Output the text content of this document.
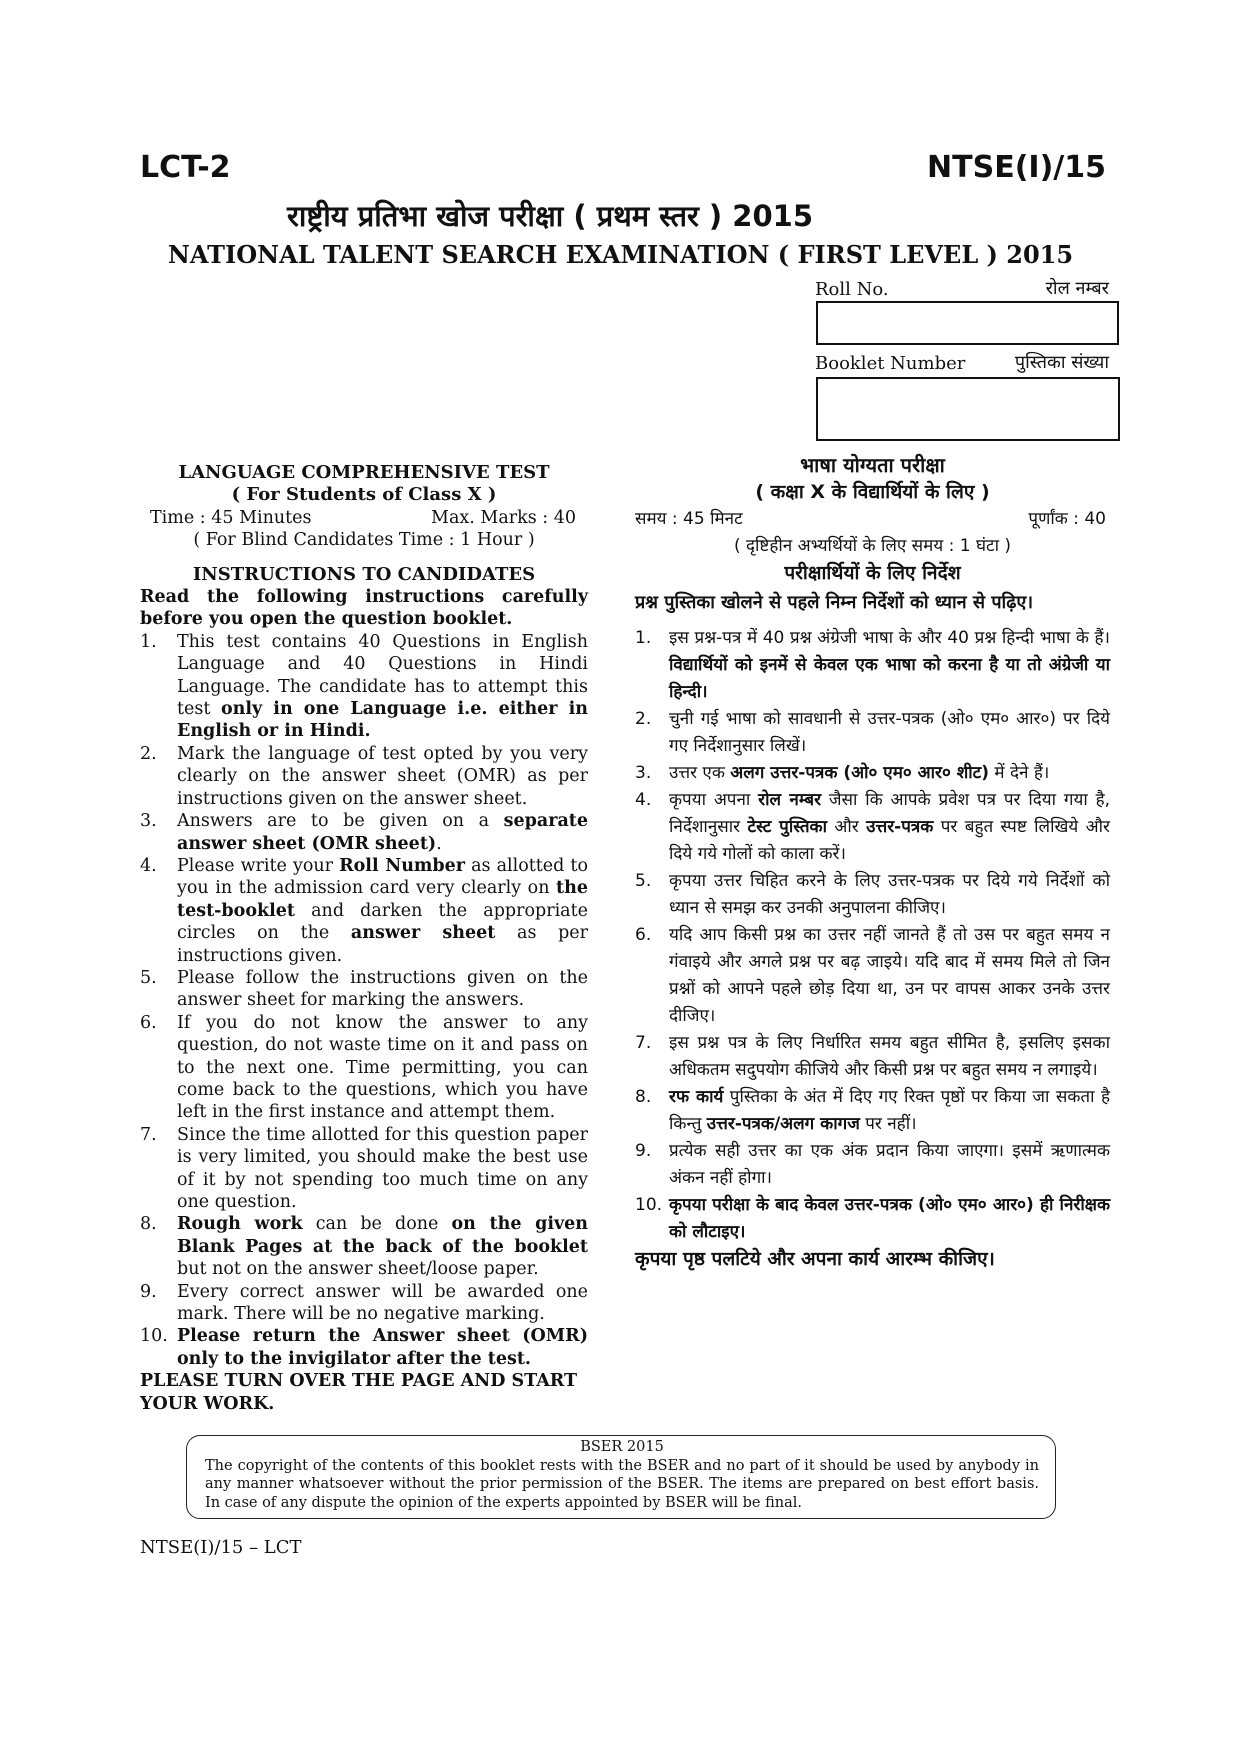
LCT-2	NTSE(I)/15
राष्ट्रीय प्रतिभा खोज परीक्षा ( प्रथम स्तर ) 2015
NATIONAL TALENT SEARCH EXAMINATION ( FIRST LEVEL ) 2015
Roll No.	रोल नम्बर
Booklet Number	पुस्तिका संख्या
LANGUAGE COMPREHENSIVE TEST
( For Students of Class X )
Time : 45 Minutes	Max. Marks : 40
( For Blind Candidates Time : 1 Hour )
INSTRUCTIONS TO CANDIDATES
Read the following instructions carefully before you open the question booklet.
1. This test contains 40 Questions in English Language and 40 Questions in Hindi Language. The candidate has to attempt this test only in one Language i.e. either in English or in Hindi.
2. Mark the language of test opted by you very clearly on the answer sheet (OMR) as per instructions given on the answer sheet.
3. Answers are to be given on a separate answer sheet (OMR sheet).
4. Please write your Roll Number as allotted to you in the admission card very clearly on the test-booklet and darken the appropriate circles on the answer sheet as per instructions given.
5. Please follow the instructions given on the answer sheet for marking the answers.
6. If you do not know the answer to any question, do not waste time on it and pass on to the next one. Time permitting, you can come back to the questions, which you have left in the first instance and attempt them.
7. Since the time allotted for this question paper is very limited, you should make the best use of it by not spending too much time on any one question.
8. Rough work can be done on the given Blank Pages at the back of the booklet but not on the answer sheet/loose paper.
9. Every correct answer will be awarded one mark. There will be no negative marking.
10. Please return the Answer sheet (OMR) only to the invigilator after the test.
PLEASE TURN OVER THE PAGE AND START YOUR WORK.
भाषा योग्यता परीक्षा
( कक्षा X के विद्यार्थियों के लिए )
समय : 45 मिनट	पूर्णांक : 40
( दृष्टिहीन अभ्यर्थियों के लिए समय : 1 घंटा )
परीक्षार्थियों के लिए निर्देश
प्रश्न पुस्तिका खोलने से पहले निम्न निर्देशों को ध्यान से पढ़िए।
1. इस प्रश्न-पत्र में 40 प्रश्न अंग्रेजी भाषा के और 40 प्रश्न हिन्दी भाषा के हैं। विद्यार्थियों को इनमें से केवल एक भाषा को करना है या तो अंग्रेजी या हिन्दी।
2. चुनी गई भाषा को सावधानी से उत्तर-पत्रक (ओ० एम० आर०) पर दिये गए निर्देशानुसार लिखें।
3. उत्तर एक अलग उत्तर-पत्रक (ओ० एम० आर० शीट) में देने हैं।
4. कृपया अपना रोल नम्बर जैसा कि आपके प्रवेश पत्र पर दिया गया है, निर्देशानुसार टेस्ट पुस्तिका और उत्तर-पत्रक पर बहुत स्पष्ट लिखिये और दिये गये गोलों को काला करें।
5. कृपया उत्तर चिहित करने के लिए उत्तर-पत्रक पर दिये गये निर्देशों को ध्यान से समझ कर उनकी अनुपालना कीजिए।
6. यदि आप किसी प्रश्न का उत्तर नहीं जानते हैं तो उस पर बहुत समय न गंवाइये और अगले प्रश्न पर बढ़ जाइये। यदि बाद में समय मिले तो जिन प्रश्नों को आपने पहले छोड़ दिया था, उन पर वापस आकर उनके उत्तर दीजिए।
7. इस प्रश्न पत्र के लिए निर्धारित समय बहुत सीमित है, इसलिए इसका अधिकतम सदुपयोग कीजिये और किसी प्रश्न पर बहुत समय न लगाइये।
8. रफ कार्य पुस्तिका के अंत में दिए गए रिक्त पृष्ठों पर किया जा सकता है किन्तु उत्तर-पत्रक/अलग कागज पर नहीं।
9. प्रत्येक सही उत्तर का एक अंक प्रदान किया जाएगा। इसमें ऋणात्मक अंकन नहीं होगा।
10. कृपया परीक्षा के बाद केवल उत्तर-पत्रक (ओ० एम० आर०) ही निरीक्षक को लौटाइए।
कृपया पृष्ठ पलटिये और अपना कार्य आरम्भ कीजिए।
BSER 2015
The copyright of the contents of this booklet rests with the BSER and no part of it should be used by anybody in any manner whatsoever without the prior permission of the BSER. The items are prepared on best effort basis. In case of any dispute the opinion of the experts appointed by BSER will be final.
NTSE(I)/15 – LCT
